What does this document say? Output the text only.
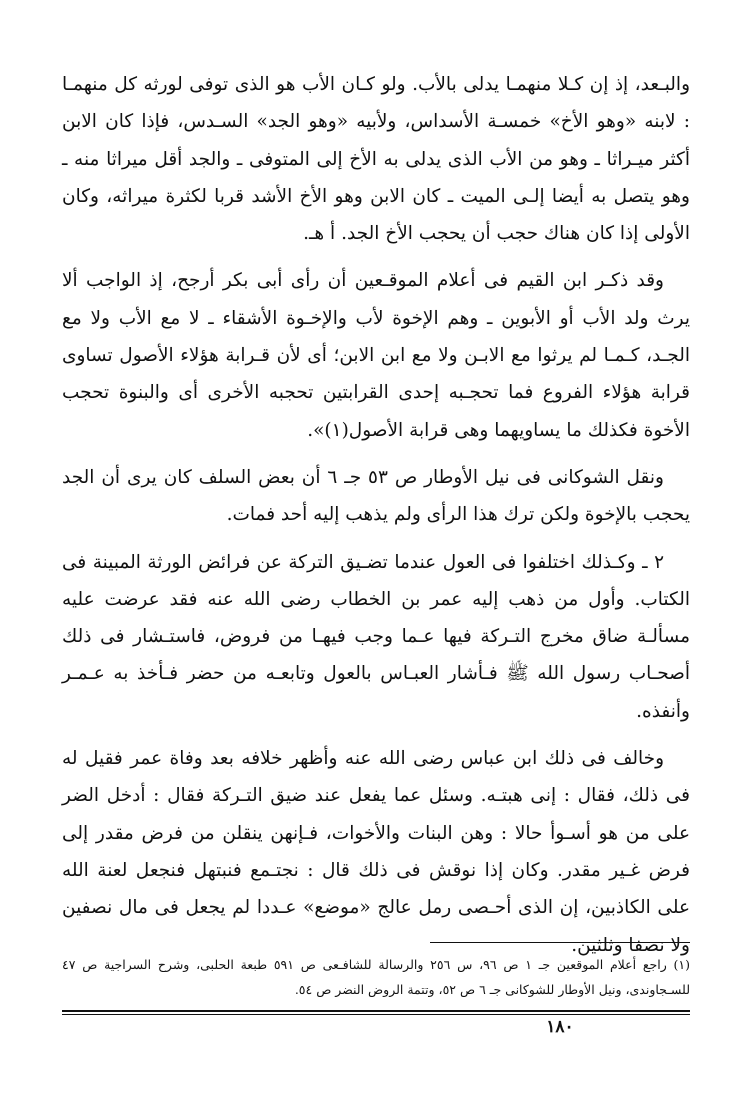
والبـعد، إذ إن كـلا منهمـا يدلى بالأب. ولو كـان الأب هو الذى توفى لورثه كل منهمـا : لابنه «وهو الأخ» خمسـة الأسداس، ولأبيه «وهو الجد» السـدس، فإذا كان الابن أكثر ميـراثا ـ وهو من الأب الذى يدلى به الأخ إلى المتوفى ـ والجد أقل ميراثا منه ـ وهو يتصل به أيضا إلـى الميت ـ كان الابن وهو الأخ الأشد قربا لكثرة ميراثه، وكان الأولى إذا كان هناك حجب أن يحجب الأخ الجد. أ هـ.

وقد ذكـر ابن القيم فى أعلام الموقـعين أن رأى أبى بكر أرجح، إذ الواجب ألا يرث ولد الأب أو الأبوين ـ وهم الإخوة لأب والإخـوة الأشقاء ـ لا مع الأب ولا مع الجـد، كـمـا لم يرثوا مع الابـن ولا مع ابن الابن؛ أى لأن قـرابة هؤلاء الأصول تساوى قرابة هؤلاء الفروع فما تحجـبه إحدى القرابتين تحجبه الأخرى أى والبنوة تحجب الأخوة فكذلك ما يساويهما وهى قرابة الأصول(١)».

ونقل الشوكانى فى نيل الأوطار ص ٥٣ جـ ٦ أن بعض السلف كان يرى أن الجد يحجب بالإخوة ولكن ترك هذا الرأى ولم يذهب إليه أحد فمات.

٢ ـ وكـذلك اختلفوا فى العول عندما تضـيق التركة عن فرائض الورثة المبينة فى الكتاب. وأول من ذهب إليه عمر بن الخطاب رضى الله عنه فقد عرضت عليه مسألـة ضاق مخرج التـركة فيها عـما وجب فيهـا من فروض، فاستـشار فى ذلك أصحـاب رسول الله ﷺ فـأشار العبـاس بالعول وتابعـه من حضر فـأخذ به عـمـر وأنفذه.

وخالف فى ذلك ابن عباس رضى الله عنه وأظهر خلافه بعد وفاة عمر فقيل له فى ذلك، فقال : إنى هبتـه. وسئل عما يفعل عند ضيق التـركة فقال : أدخل الضر على من هو أسـوأ حالا : وهن البنات والأخوات، فـإنهن ينقلن من فرض مقدر إلى فرض غـير مقدر. وكان إذا نوقش فى ذلك قال : نجتـمع فنبتهل فنجعل لعنة الله على الكاذبين، إن الذى أحـصى رمل عالج «موضع» عـددا لم يجعل فى مال نصفين ولا نصفا وثلثين.

(١) راجع أعلام الموقعين جـ ١ ص ٩٦، س ٢٥٦ والرسالة للشافـعى ص ٥٩١ طبعة الحلبى، وشرح السراجية ص ٤٧ للسـجاوندى، ونيل الأوطار للشوكانى جـ ٦ ص ٥٢، وتتمة الروض النضر ص ٥٤.

١٨٠
